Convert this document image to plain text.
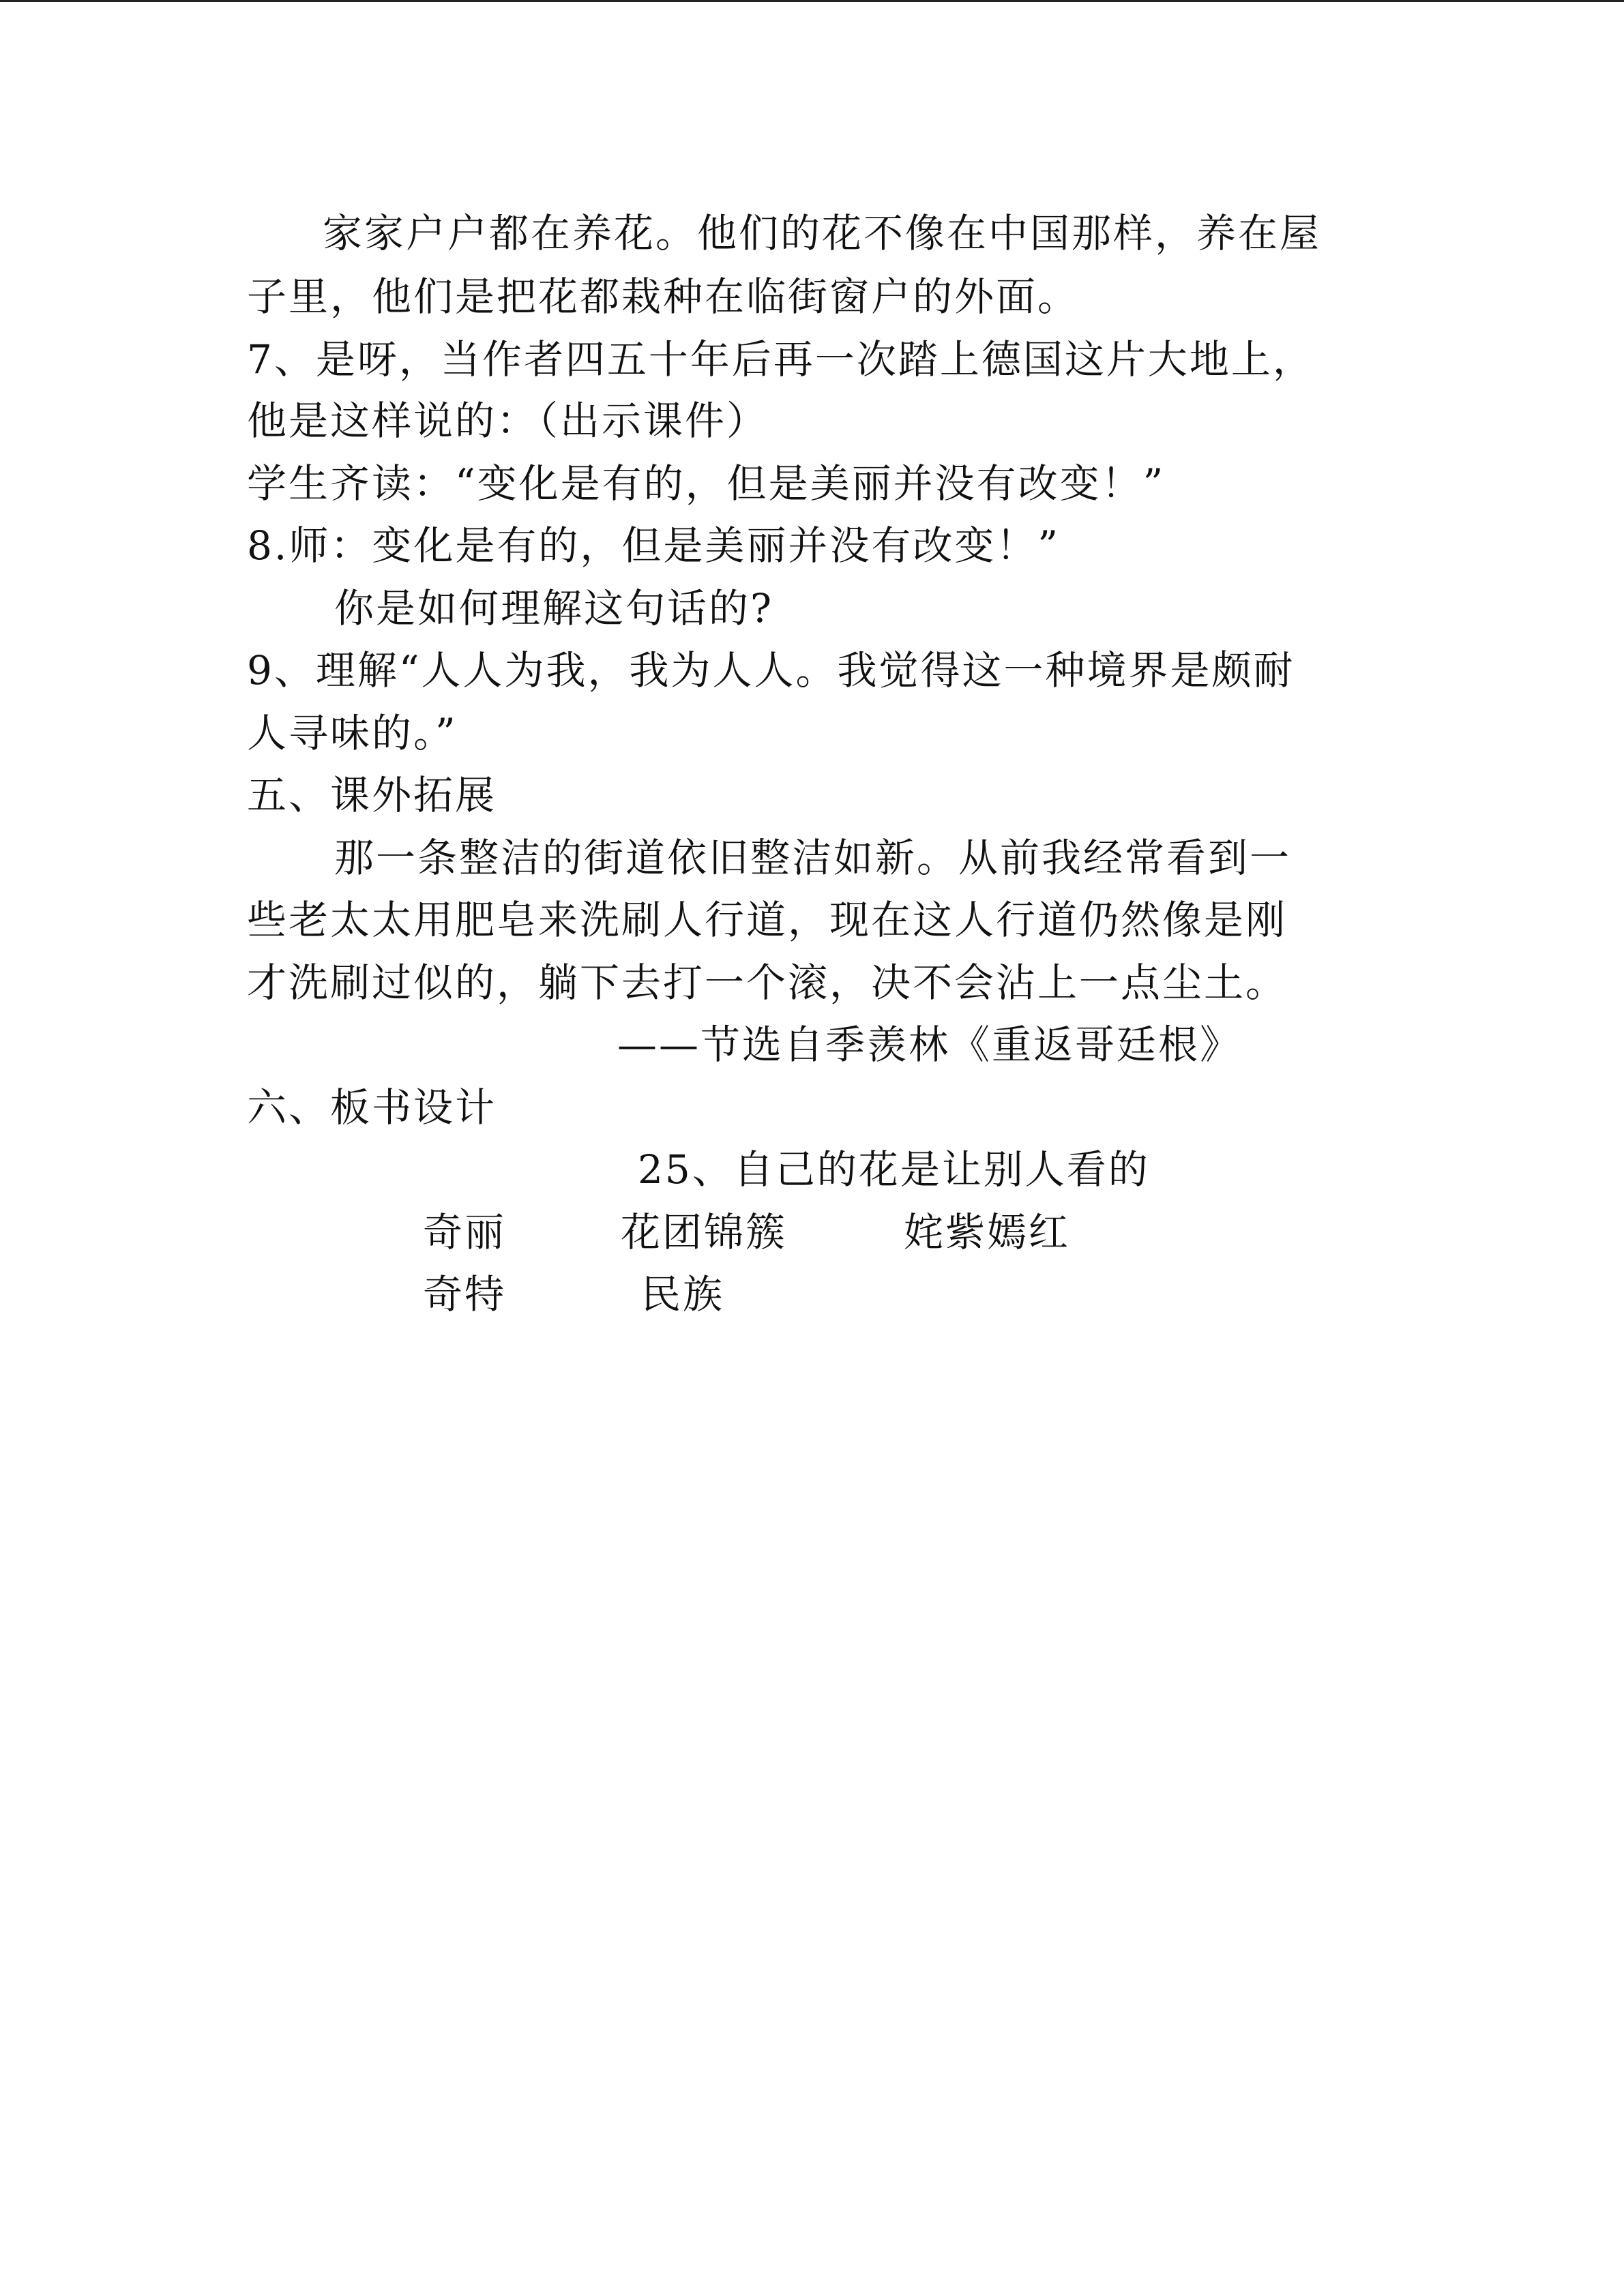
　家家户户都在养花。他们的花不像在中国那样，养在屋
子里，他们是把花都栽种在临街窗户的外面。
7、是呀，当作者四五十年后再一次踏上德国这片大地上，
他是这样说的：（出示课件）
学生齐读：“变化是有的，但是美丽并没有改变！”
8.师：变化是有的，但是美丽并没有改变！”
你是如何理解这句话的?
9、理解“人人为我，我为人人。我觉得这一种境界是颇耐
人寻味的。”
五、课外拓展
那一条整洁的街道依旧整洁如新。从前我经常看到一
些老太太用肥皂来洗刷人行道，现在这人行道仍然像是刚
才洗刷过似的，躺下去打一个滚，决不会沾上一点尘土。
——节选自季羡林《重返哥廷根》
六、板书设计
25、自己的花是让别人看的
奇丽	花团锦簇	姹紫嫣红
奇特	民族
